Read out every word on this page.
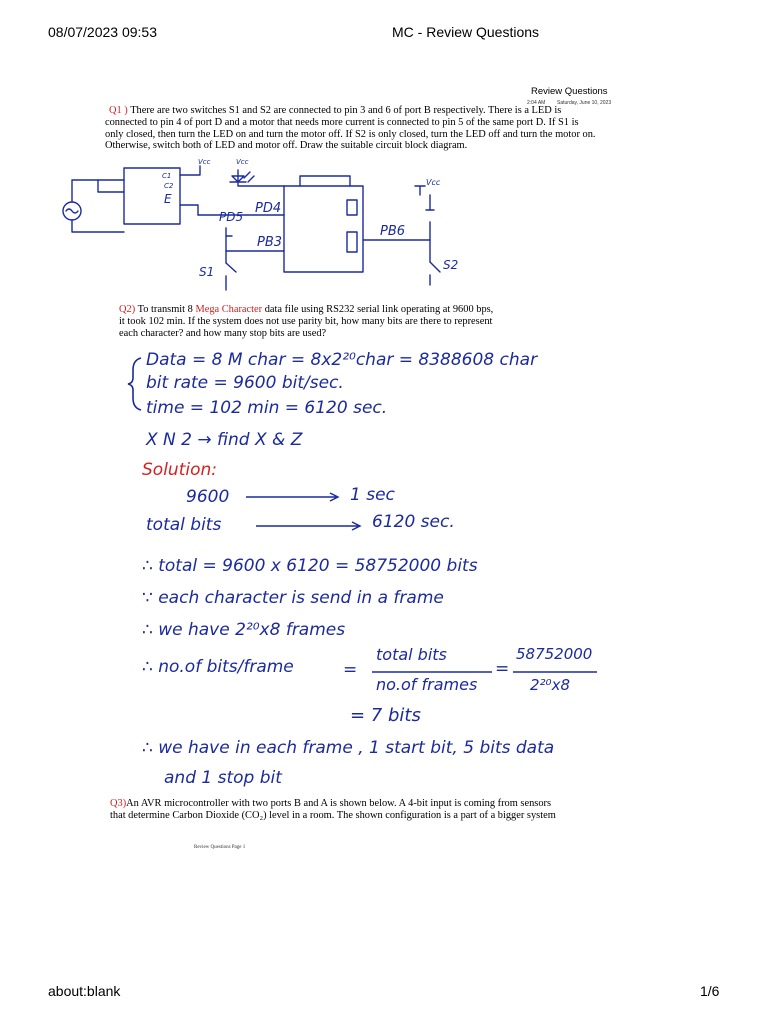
08/07/2023 09:53	MC - Review Questions
Review Questions
2:04 AM Saturday, June 10, 2023
Q1 ) There are two switches S1 and S2 are connected to pin 3 and 6 of port B respectively. There is a LED is connected to pin 4 of port D and a motor that needs more current is connected to pin 5 of the same port D. If S1 is only closed, then turn the LED on and turn the motor off. If S2 is only closed, turn the LED off and turn the motor on. Otherwise, switch both of LED and motor off. Draw the suitable circuit block diagram.
Vcc	Vcc
Vcc
C1
C2
E
PD4
PD5
PB3
PB6
S1	S2
Q2) To transmit 8 Mega Character data file using RS232 serial link operating at 9600 bps, it took 102 min. If the system does not use parity bit, how many bits are there to represent each character? and how many stop bits are used?
Data = 8 M char = 8x2²⁰char = 8388608 char
bit rate = 9600 bit/sec.
time = 102 min = 6120 sec.
X N 2 → find X & Z
Solution:
9600	1 sec
total bits	6120 sec.
∴ total = 9600 x 6120 = 58752000 bits
∵ each character is send in a frame
∴ we have 2²⁰x8 frames
∴ no.of bits/frame	=
total bits
no.of frames
=
58752000
2²⁰x8
= 7 bits
∴ we have in each frame , 1 start bit, 5 bits data
and 1 stop bit
Q3)An AVR microcontroller with two ports B and A is shown below. A 4-bit input is coming from sensors
that determine Carbon Dioxide (CO₂) level in a room. The shown configuration is a part of a bigger system
Review Questions Page 1
about:blank	1/6
